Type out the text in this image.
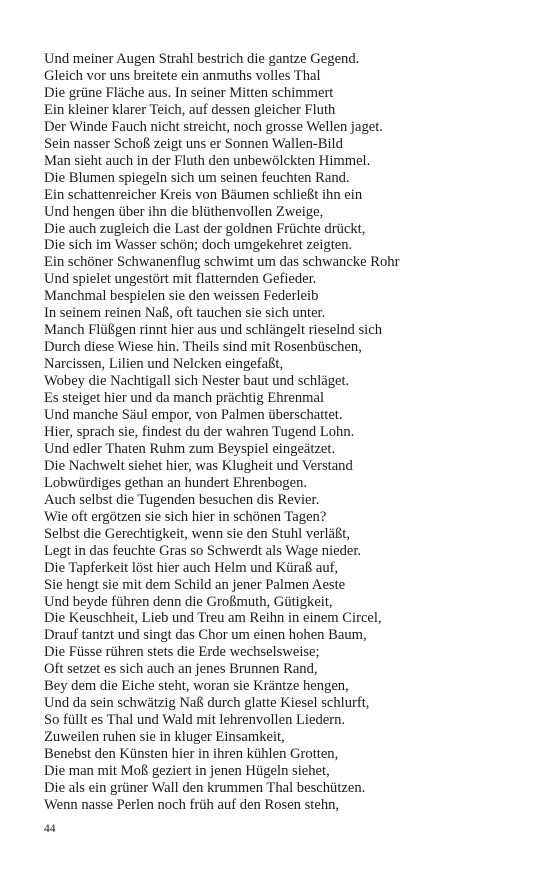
Und meiner Augen Strahl bestrich die gantze Gegend.
Gleich vor uns breitete ein anmuths volles Thal
Die grüne Fläche aus. In seiner Mitten schimmert
Ein kleiner klarer Teich, auf dessen gleicher Fluth
Der Winde Fauch nicht streicht, noch grosse Wellen jaget.
Sein nasser Schoß zeigt uns er Sonnen Wallen-Bild
Man sieht auch in der Fluth den unbewölckten Himmel.
Die Blumen spiegeln sich um seinen feuchten Rand.
Ein schattenreicher Kreis von Bäumen schließt ihn ein
Und hengen über ihn die blüthenvollen Zweige,
Die auch zugleich die Last der goldnen Früchte drückt,
Die sich im Wasser schön; doch umgekehret zeigten.
Ein schöner Schwanenflug schwimt um das schwancke Rohr
Und spielet ungestört mit flatternden Gefieder.
Manchmal bespielen sie den weissen Federleib
In seinem reinen Naß, oft tauchen sie sich unter.
Manch Flüßgen rinnt hier aus und schlängelt rieselnd sich
Durch diese Wiese hin. Theils sind mit Rosenbüschen,
Narcissen, Lilien und Nelcken eingefaßt,
Wobey die Nachtigall sich Nester baut und schläget.
Es steiget hier und da manch prächtig Ehrenmal
Und manche Säul empor, von Palmen überschattet.
Hier, sprach sie, findest du der wahren Tugend Lohn.
Und edler Thaten Ruhm zum Beyspiel eingeätzet.
Die Nachwelt siehet hier, was Klugheit und Verstand
Lobwürdiges gethan an hundert Ehrenbogen.
Auch selbst die Tugenden besuchen dis Revier.
Wie oft ergötzen sie sich hier in schönen Tagen?
Selbst die Gerechtigkeit, wenn sie den Stuhl verläßt,
Legt in das feuchte Gras so Schwerdt als Wage nieder.
Die Tapferkeit löst hier auch Helm und Küraß auf,
Sie hengt sie mit dem Schild an jener Palmen Aeste
Und beyde führen denn die Großmuth, Gütigkeit,
Die Keuschheit, Lieb und Treu am Reihn in einem Circel,
Drauf tantzt und singt das Chor um einen hohen Baum,
Die Füsse rühren stets die Erde wechselsweise;
Oft setzet es sich auch an jenes Brunnen Rand,
Bey dem die Eiche steht, woran sie Kräntze hengen,
Und da sein schwätzig Naß durch glatte Kiesel schlurft,
So füllt es Thal und Wald mit lehrenvollen Liedern.
Zuweilen ruhen sie in kluger Einsamkeit,
Benebst den Künsten hier in ihren kühlen Grotten,
Die man mit Moß geziert in jenen Hügeln siehet,
Die als ein grüner Wall den krummen Thal beschützen.
Wenn nasse Perlen noch früh auf den Rosen stehn,
44
